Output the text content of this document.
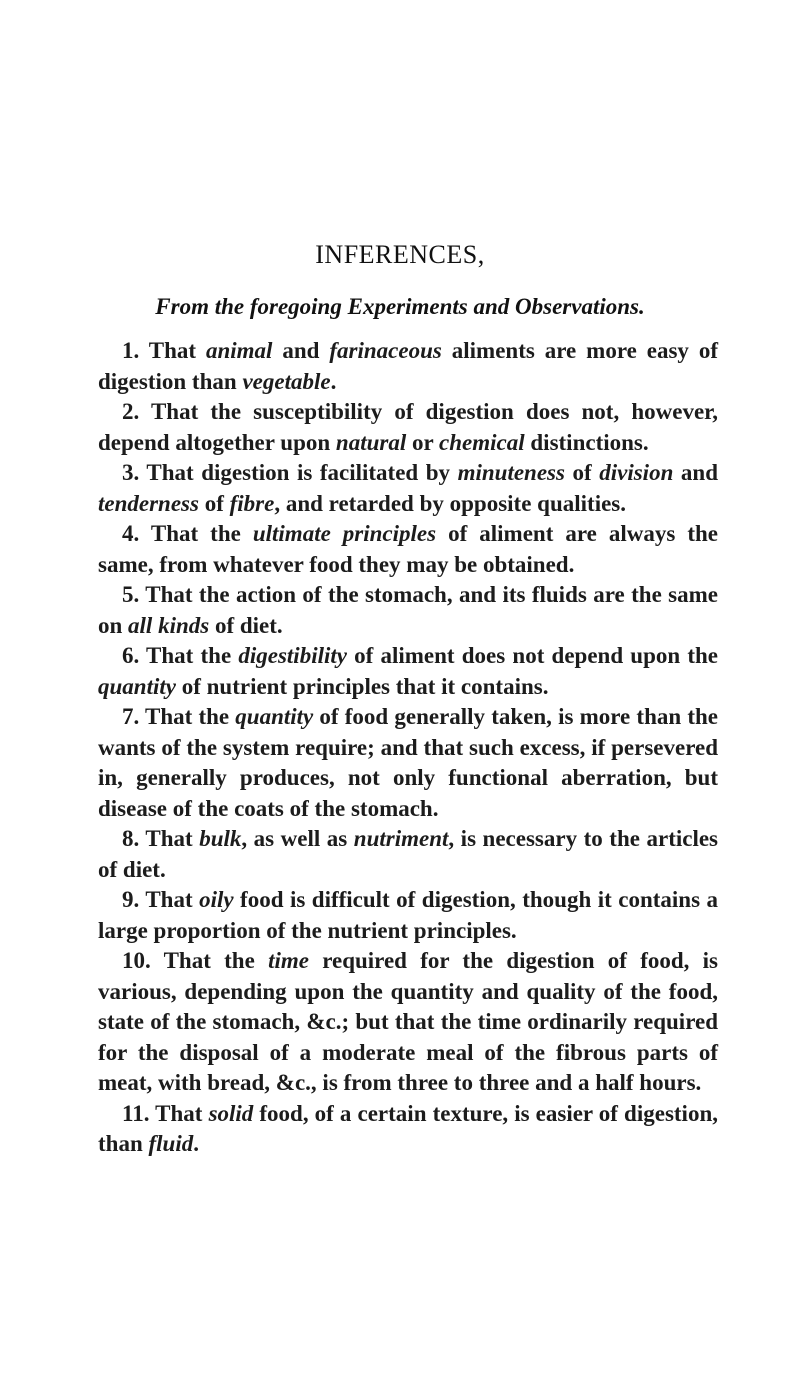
INFERENCES,
From the foregoing Experiments and Observations.

1. That animal and farinaceous aliments are more easy of digestion than vegetable.

2. That the susceptibility of digestion does not, however, depend altogether upon natural or chemical distinctions.

3. That digestion is facilitated by minuteness of division and tenderness of fibre, and retarded by opposite qualities.

4. That the ultimate principles of aliment are always the same, from whatever food they may be obtained.

5. That the action of the stomach, and its fluids are the same on all kinds of diet.

6. That the digestibility of aliment does not depend upon the quantity of nutrient principles that it contains.

7. That the quantity of food generally taken, is more than the wants of the system require; and that such excess, if persevered in, generally produces, not only functional aberration, but disease of the coats of the stomach.

8. That bulk, as well as nutriment, is necessary to the articles of diet.

9. That oily food is difficult of digestion, though it contains a large proportion of the nutrient principles.

10. That the time required for the digestion of food, is various, depending upon the quantity and quality of the food, state of the stomach, &c.; but that the time ordinarily required for the disposal of a moderate meal of the fibrous parts of meat, with bread, &c., is from three to three and a half hours.

11. That solid food, of a certain texture, is easier of digestion, than fluid.
